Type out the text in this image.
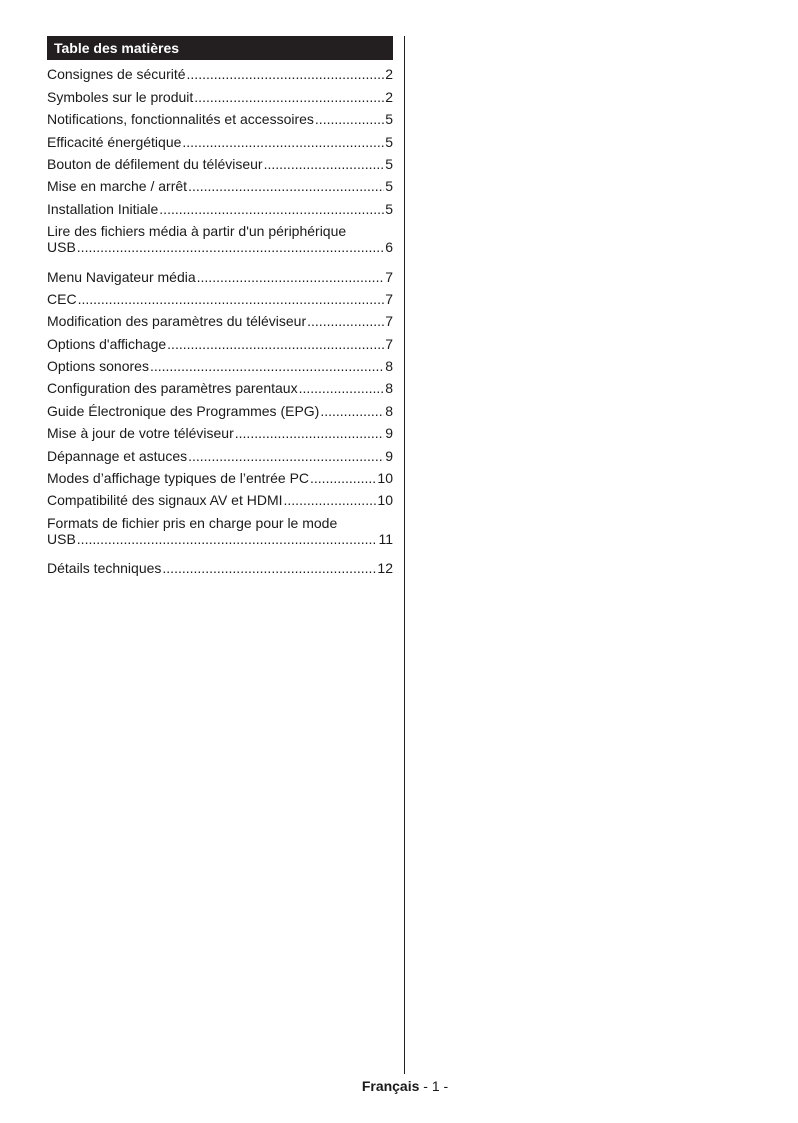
Table des matières
Consignes de sécurité .....	2
Symboles sur le produit .....	2
Notifications, fonctionnalités et accessoires .....	5
Efficacité énergétique .....	5
Bouton de défilement du téléviseur .....	5
Mise en marche / arrêt .....	5
Installation Initiale .....	5
Lire des fichiers média à partir d'un périphérique
USB .....	6
Menu Navigateur média .....	7
CEC .....	7
Modification des paramètres du téléviseur .....	7
Options d'affichage .....	7
Options sonores .....	8
Configuration des paramètres parentaux .....	8
Guide Électronique des Programmes (EPG) .....	8
Mise à jour de votre téléviseur .....	9
Dépannage et astuces .....	9
Modes d’affichage typiques de l’entrée PC .....	10
Compatibilité des signaux AV et HDMI .....	10
Formats de fichier pris en charge pour le mode
USB .....	11
Détails techniques .....	12
Français - 1 -
